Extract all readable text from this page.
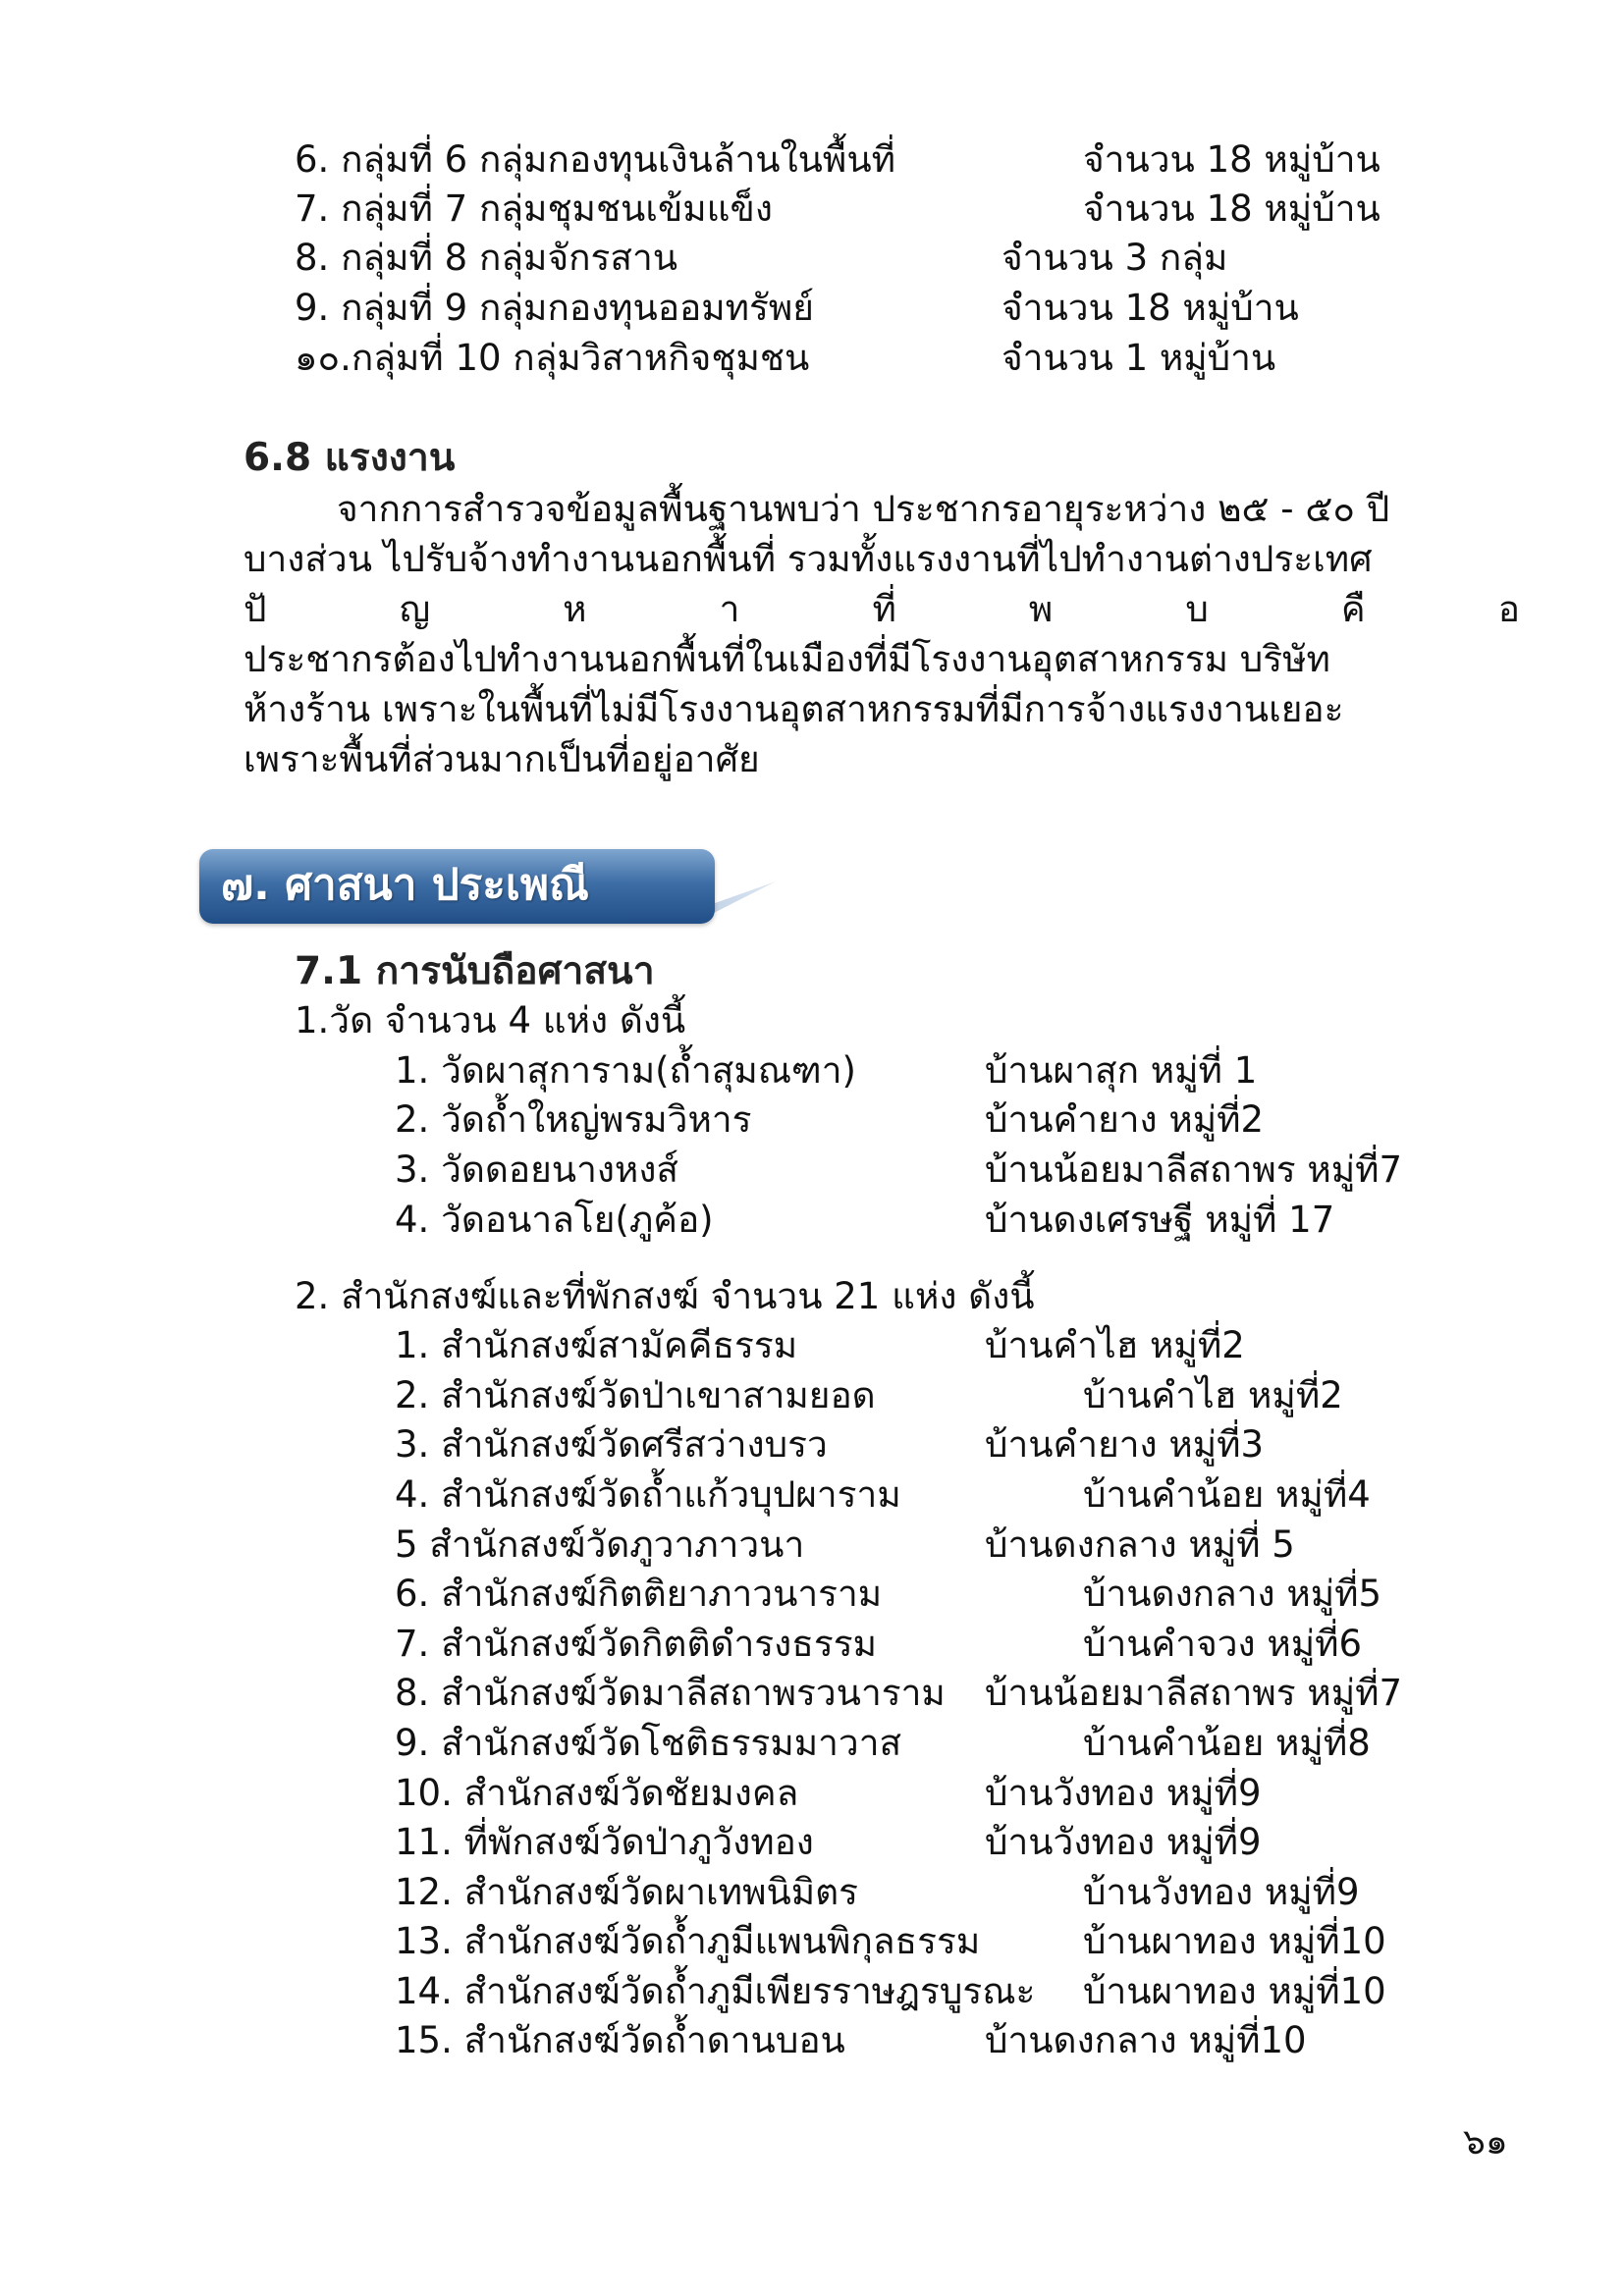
6. กลุ่มที่ 6 กลุ่มกองทุนเงินล้านในพื้นที่	จำนวน 18 หมู่บ้าน
7. กลุ่มที่ 7 กลุ่มชุมชนเข้มแข็ง	จำนวน 18 หมู่บ้าน
8. กลุ่มที่ 8 กลุ่มจักรสาน	จำนวน 3 กลุ่ม
9. กลุ่มที่ 9 กลุ่มกองทุนออมทรัพย์	จำนวน 18 หมู่บ้าน
๑๐.กลุ่มที่ 10 กลุ่มวิสาหกิจชุมชน	จำนวน 1 หมู่บ้าน
6.8 แรงงาน
จากการสำรวจข้อมูลพื้นฐานพบว่า ประชากรอายุระหว่าง ๒๕ - ๕๐ ปี
บางส่วน ไปรับจ้างทำงานนอกพื้นที่ รวมทั้งแรงงานที่ไปทำงานต่างประเทศ
ปั	ญ	ห	า	ที่	พ	บ	คื	อ
ประชากรต้องไปทำงานนอกพื้นที่ในเมืองที่มีโรงงานอุตสาหกรรม บริษัท
ห้างร้าน เพราะในพื้นที่ไม่มีโรงงานอุตสาหกรรมที่มีการจ้างแรงงานเยอะ
เพราะพื้นที่ส่วนมากเป็นที่อยู่อาศัย
๗. ศาสนา ประเพณี
7.1 การนับถือศาสนา
1.วัด จำนวน 4 แห่ง ดังนี้
1. วัดผาสุการาม(ถ้ำสุมณฑา)	บ้านผาสุก หมู่ที่ 1
2. วัดถ้ำใหญ่พรมวิหาร	บ้านคำยาง หมู่ที่2
3. วัดดอยนางหงส์	บ้านน้อยมาลีสถาพร หมู่ที่7
4. วัดอนาลโย(ภูค้อ)	บ้านดงเศรษฐี หมู่ที่ 17
2. สำนักสงฆ์และที่พักสงฆ์ จำนวน 21 แห่ง ดังนี้
1. สำนักสงฆ์สามัคคีธรรม	บ้านคำไฮ หมู่ที่2
2. สำนักสงฆ์วัดป่าเขาสามยอด	บ้านคำไฮ หมู่ที่2
3. สำนักสงฆ์วัดศรีสว่างบรว	บ้านคำยาง หมู่ที่3
4. สำนักสงฆ์วัดถ้ำแก้วบุปผาราม	บ้านคำน้อย หมู่ที่4
5 สำนักสงฆ์วัดภูวาภาวนา	บ้านดงกลาง หมู่ที่ 5
6. สำนักสงฆ์กิตติยาภาวนาราม	บ้านดงกลาง หมู่ที่5
7. สำนักสงฆ์วัดกิตติดำรงธรรม	บ้านคำจวง หมู่ที่6
8. สำนักสงฆ์วัดมาลีสถาพรวนาราม บ้านน้อยมาลีสถาพร หมู่ที่7
9. สำนักสงฆ์วัดโชติธรรมมาวาส	บ้านคำน้อย หมู่ที่8
10. สำนักสงฆ์วัดชัยมงคล	บ้านวังทอง หมู่ที่9
11. ที่พักสงฆ์วัดป่าภูวังทอง	บ้านวังทอง หมู่ที่9
12. สำนักสงฆ์วัดผาเทพนิมิตร	บ้านวังทอง หมู่ที่9
13. สำนักสงฆ์วัดถ้ำภูมีแพนพิกุลธรรม	บ้านผาทอง หมู่ที่10
14. สำนักสงฆ์วัดถ้ำภูมีเพียรราษฎรบูรณะ บ้านผาทอง หมู่ที่10
15. สำนักสงฆ์วัดถ้ำดานบอน	บ้านดงกลาง หมู่ที่10
๖๑
